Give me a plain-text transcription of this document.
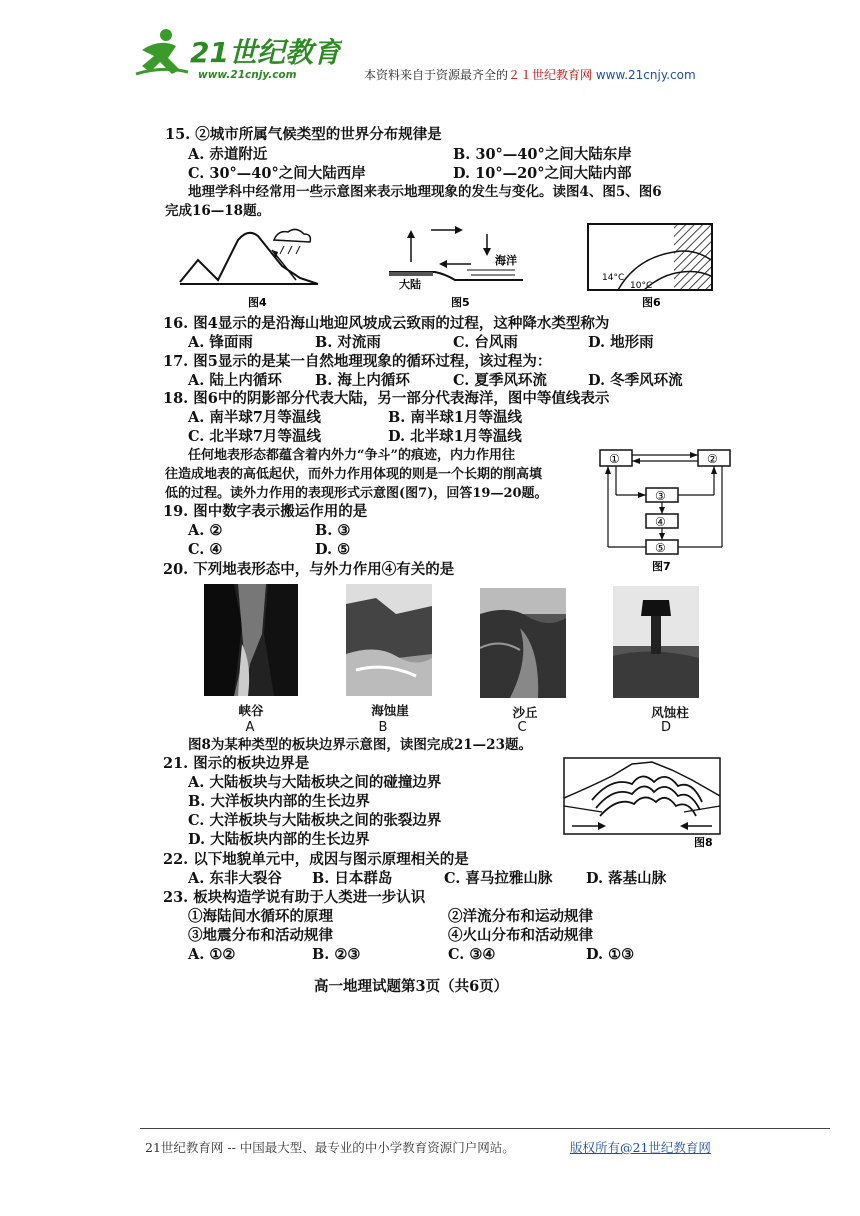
21世纪教育
www.21cnjy.com	本资料来自于资源最齐全的２１世纪教育网 www.21cnjy.com
15. ②城市所属气候类型的世界分布规律是
A. 赤道附近	B. 30°—40°之间大陆东岸
C. 30°—40°之间大陆西岸	D. 10°—20°之间大陆内部
地理学科中经常用一些示意图来表示地理现象的发生与变化。读图4、图5、图6
完成16—18题。
图4
海洋
大陆
图5
14°C
10°C
图6
16. 图4显示的是沿海山地迎风坡成云致雨的过程，这种降水类型称为
A. 锋面雨	B. 对流雨	C. 台风雨	D. 地形雨
17. 图5显示的是某一自然地理现象的循环过程，该过程为：
A. 陆上内循环 B. 海上内循环	C. 夏季风环流	D. 冬季风环流
18. 图6中的阴影部分代表大陆，另一部分代表海洋，图中等值线表示
A. 南半球7月等温线	B. 南半球1月等温线
C. 北半球7月等温线	D. 北半球1月等温线
任何地表形态都蕴含着内外力“争斗”的痕迹，内力作用往
往造成地表的高低起伏，而外力作用体现的则是一个长期的削高填
低的过程。读外力作用的表现形式示意图(图7)，回答19—20题。
①	②
③
④
⑤
图7
19. 图中数字表示搬运作用的是
A. ②	B. ③
C. ④	D. ⑤
20. 下列地表形态中，与外力作用④有关的是
峡谷
A
海蚀崖
B
沙丘
C
风蚀柱
D
图8为某种类型的板块边界示意图，读图完成21—23题。
图8
21. 图示的板块边界是
A. 大陆板块与大陆板块之间的碰撞边界
B. 大洋板块内部的生长边界
C. 大洋板块与大陆板块之间的张裂边界
D. 大陆板块内部的生长边界
22. 以下地貌单元中，成因与图示原理相关的是
A. 东非大裂谷 B. 日本群岛	C. 喜马拉雅山脉 D. 落基山脉
23. 板块构造学说有助于人类进一步认识
①海陆间水循环的原理	②洋流分布和运动规律
③地震分布和活动规律	④火山分布和活动规律
A. ①②	B. ②③	C. ③④	D. ①③
高一地理试题第3页（共6页）
21世纪教育网 -- 中国最大型、最专业的中小学教育资源门户网站。	版权所有@21世纪教育网
